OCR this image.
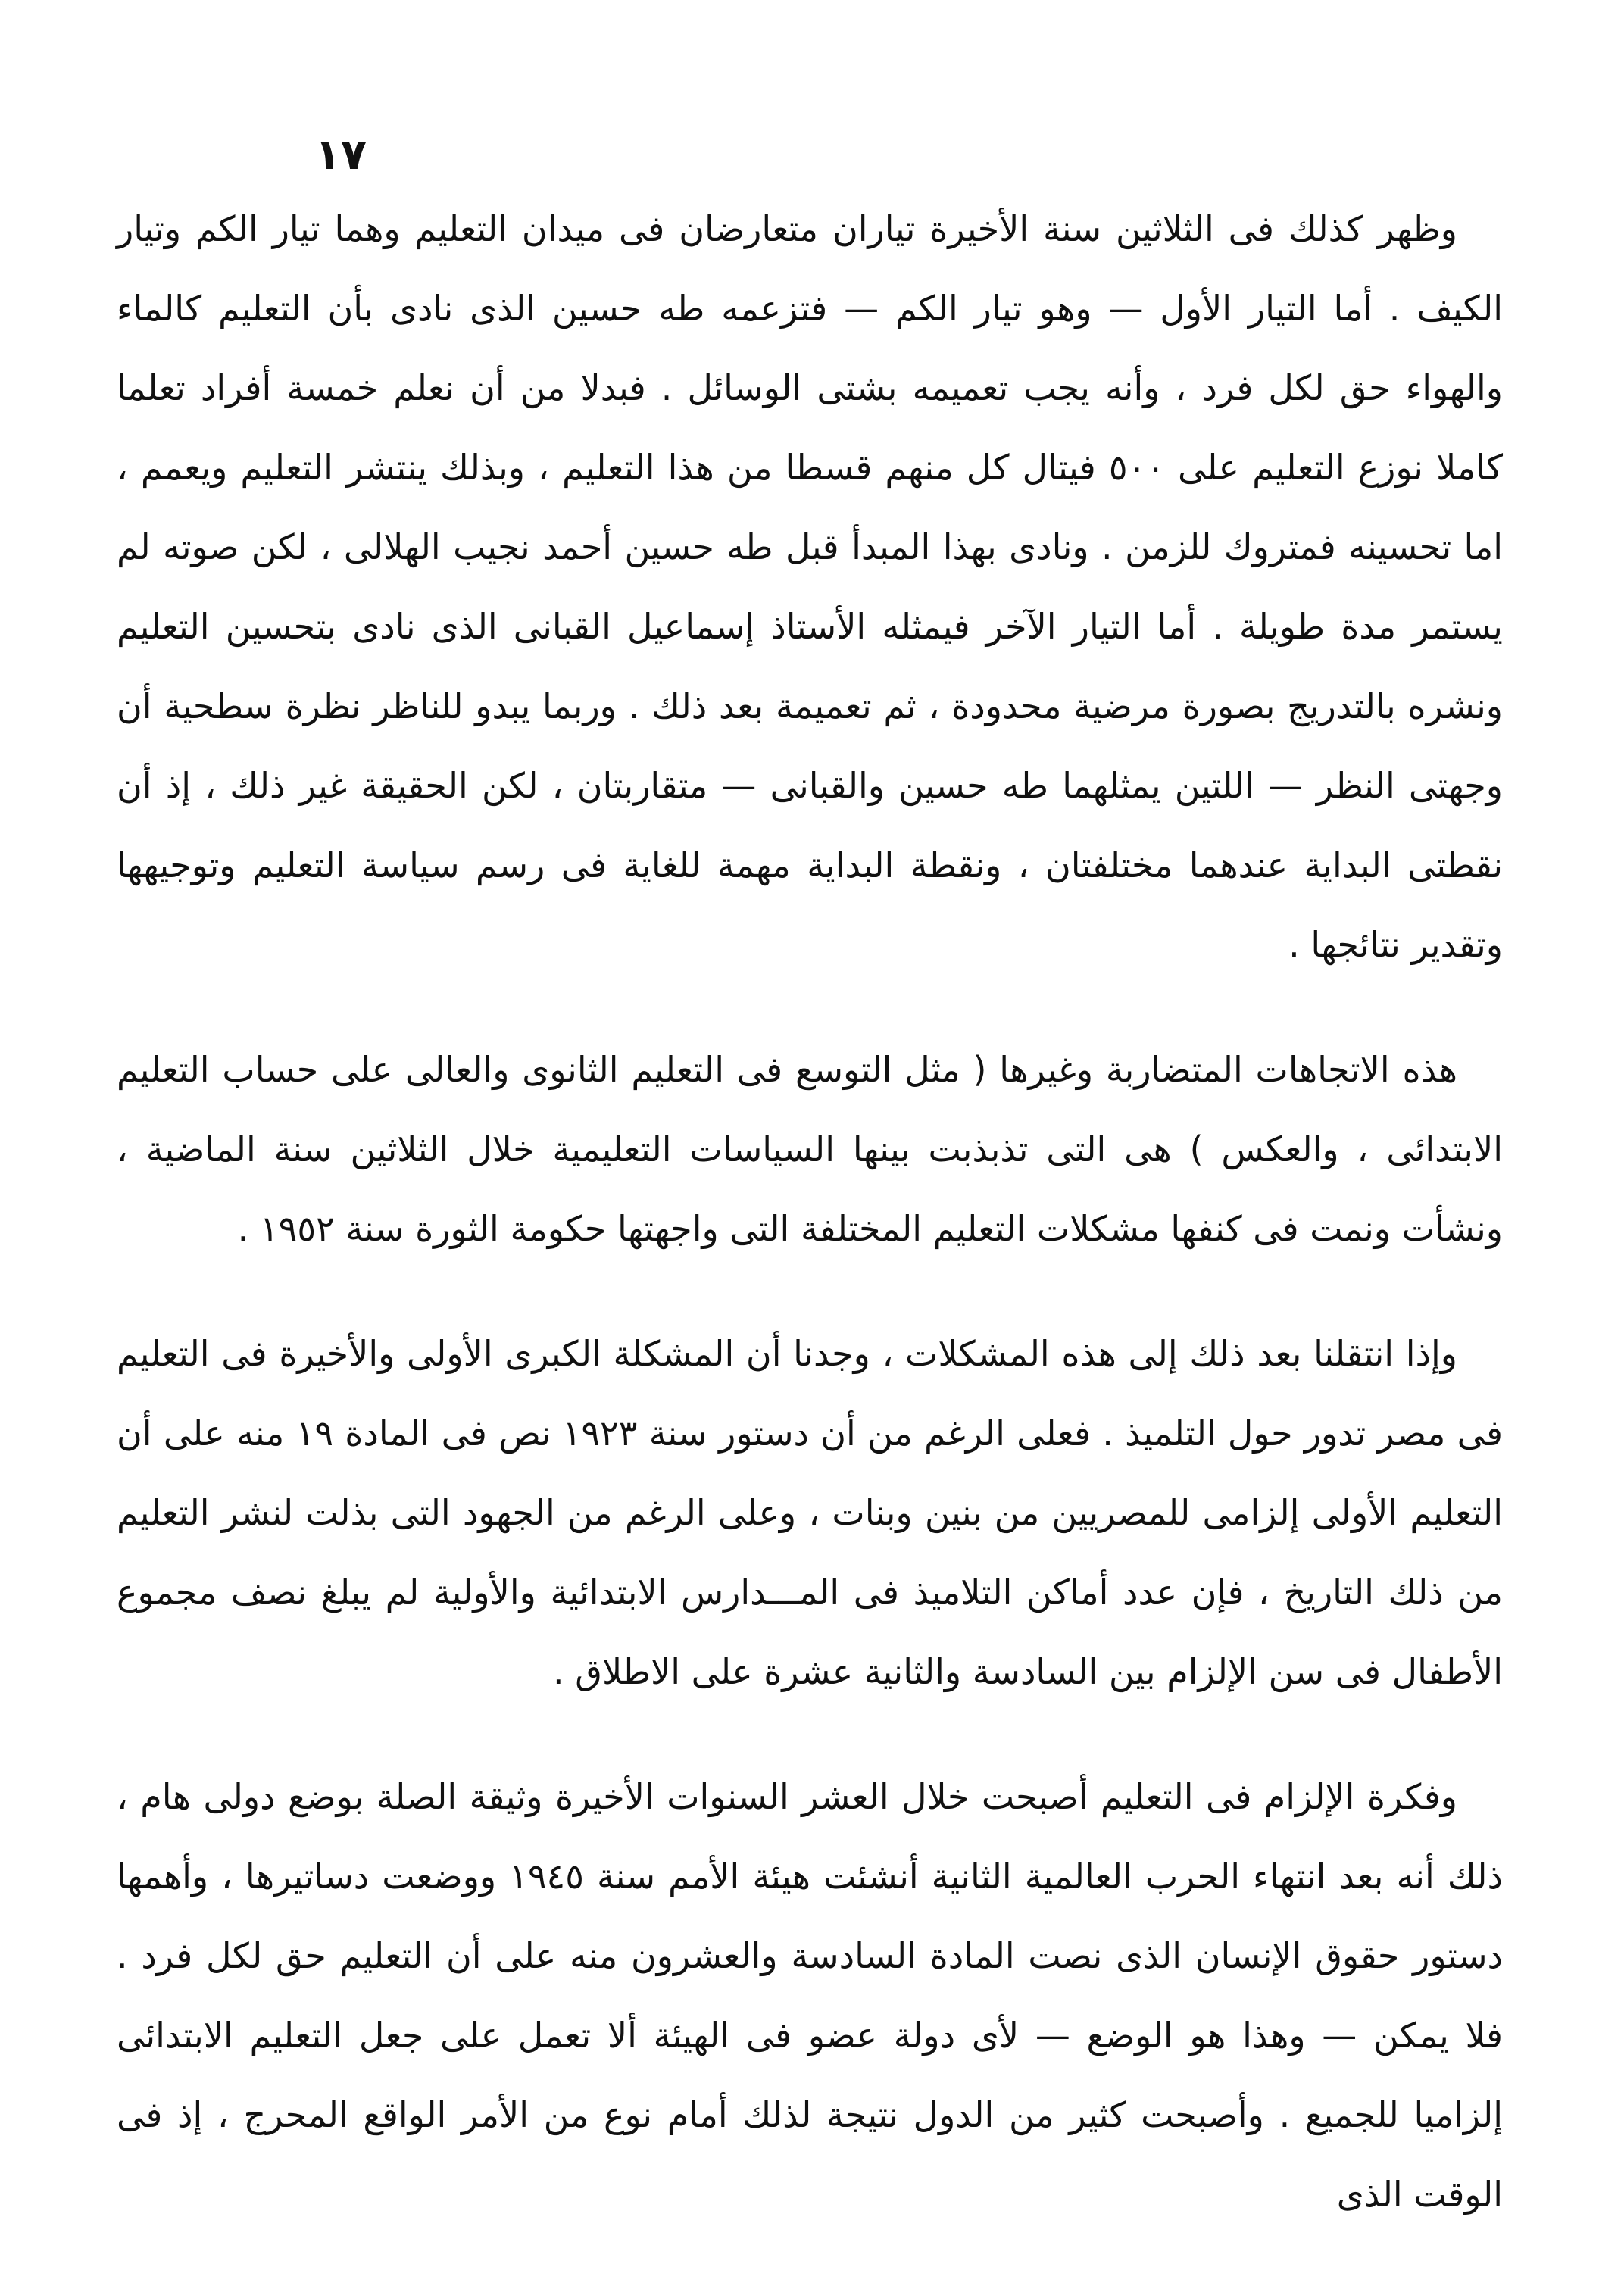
١٧

وظهر كذلك فى الثلاثين سنة الأخيرة تياران متعارضان فى ميدان التعليم وهما تيار الكم وتيار الكيف . أما التيار الأول — وهو تيار الكم — فتزعمه طه حسين الذى نادى بأن التعليم كالماء والهواء حق لكل فرد ، وأنه يجب تعميمه بشتى الوسائل . فبدلا من أن نعلم خمسة أفراد تعلما كاملا نوزع التعليم على ٥٠٠ فيتال كل منهم قسطا من هذا التعليم ، وبذلك ينتشر التعليم ويعمم ، اما تحسينه فمتروك للزمن . وناد‌ى بهذا المبدأ قبل طه حسين أحمد نجيب الهلالى ، لكن صوته لم يستمر مدة طويلة . أما التيار الآخر فيمثله الأستاذ إسماعيل القبانى الذى نادى بتحسين التعليم ونشره بالتدريج بصورة مرضية محدودة ، ثم تعميمة بعد ذلك . وربما يبدو للناظر نظرة سطحية أن وجهتى النظر — اللتين يمثلهما طه حسين والقبانى — متقاربتان ، لكن الحقيقة غير ذلك ، إذ أن نقطتى البداية عندهما مختلفتان ، ونقطة البداية مهمة للغاية فى رسم سياسة التعليم وتوجيهها وتقدير نتائجها .

هذه الاتجاهات المتضاربة وغيرها ( مثل التوسع فى التعليم الثانوى والعالى على حساب التعليم الابتدائى ، والعكس ) هى التى تذبذبت بينها السياسات التعليمية خلال الثلاثين سنة الماضية ، ونشأت ونمت فى كنفها مشكلات التعليم المختلفة التى واجهتها حكومة الثورة سنة ١٩٥٢ .

وإذا انتقلنا بعد ذلك إلى هذه المشكلات ، وجدنا أن المشكلة الكبرى الأولى والأخيرة فى التعليم فى مصر تدور حول التلميذ . فعلى الرغم من أن دستور سنة ١٩٢٣ نص فى المادة ١٩ منه على أن التعليم الأولى إلزامى للمصريين من بنين وبنات ، وعلى الرغم من الجهود التى بذلت لنشر التعليم من ذلك التاريخ ، فإن عدد أماكن التلاميذ فى المـــدارس الابتدائية والأولية لم يبلغ نصف مجموع الأطفال فى سن الإلزام بين السادسة والثانية عشرة على الاطلاق .

وفكرة الإلزام فى التعليم أصبحت خلال العشر السنوات الأخيرة وثيقة الصلة بوضع دولى هام ، ذلك أنه بعد انتهاء الحرب العالمية الثانية أنشئت هيئة الأمم سنة ١٩٤٥ ووضعت دساتيرها ، وأهمها دستور حقوق الإنسان الذى نصت المادة السادسة والعشرون منه على أن التعليم حق لكل فرد . فلا يمكن — وهذا هو الوضع — لأى دولة عضو فى الهيئة ألا تعمل على جعل التعليم الابتدائى إلزاميا للجميع . وأصبحت كثير من الدول نتيجة لذلك أمام نوع من الأمر الواقع المحرج ، إذ فى الوقت الذى
